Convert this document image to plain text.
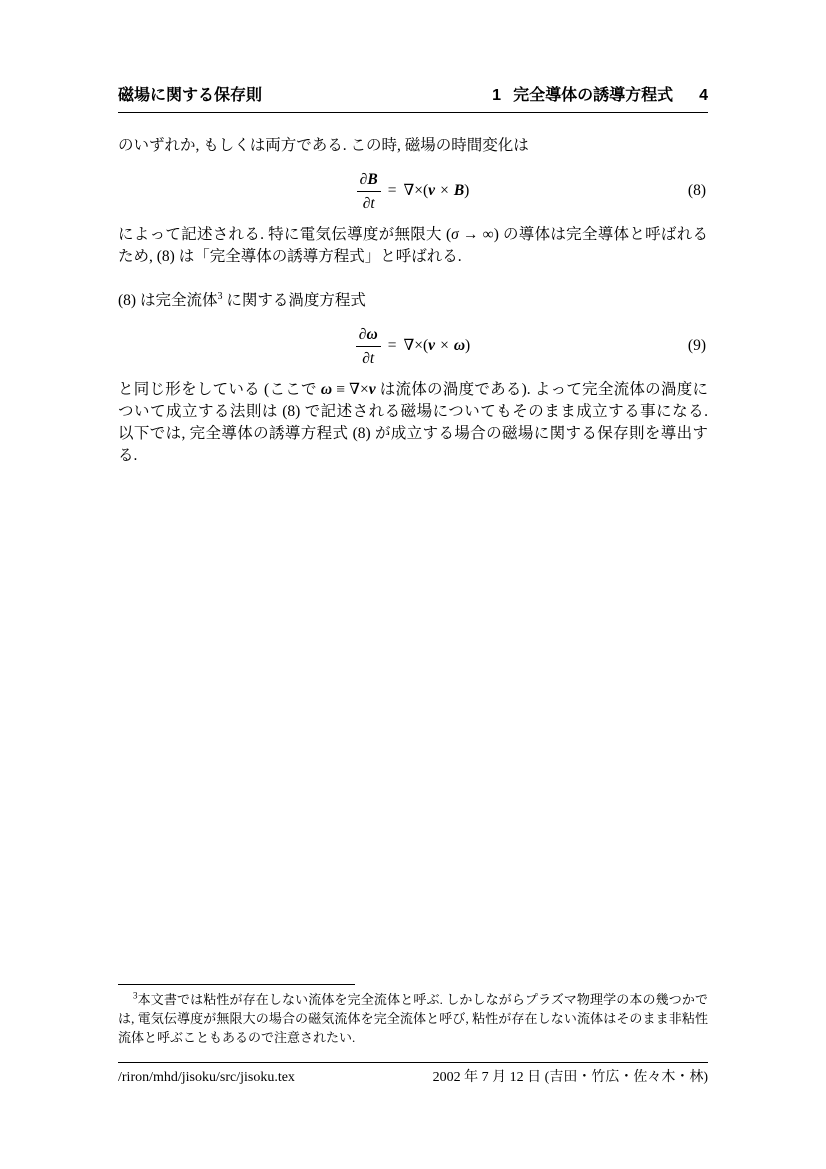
磁場に関する保存則	1 完全導体の誘導方程式 4

のいずれか, もしくは両方である. この時, 磁場の時間変化は

$\frac{\partial B}{\partial t}$ = ∇×( v × B )	(8)

によって記述される. 特に電気伝導度が無限大 (σ → ∞) の導体は完全導体と呼ばれるため, (8) は「完全導体の誘導方程式」と呼ばれる.

(8) は完全流体$^3$ に関する渦度方程式

$\frac{\partial\omega}{\partial t}$ = ∇×( v × ω )	(9)

と同じ形をしている (ここで ω ≡ ∇×v は流体の渦度である). よって完全流体の渦度について成立する法則は (8) で記述される磁場についてもそのまま成立する事になる. 以下では, 完全導体の誘導方程式 (8) が成立する場合の磁場に関する保存則を導出する.

$^3$本文書では粘性が存在しない流体を完全流体と呼ぶ. しかしながらプラズマ物理学の本の幾つかでは, 電気伝導度が無限大の場合の磁気流体を完全流体と呼び, 粘性が存在しない流体はそのまま非粘性流体と呼ぶこともあるので注意されたい.

/riron/mhd/jisoku/src/jisoku.tex	2002 年 7 月 12 日 (吉田・竹広・佐々木・林)
